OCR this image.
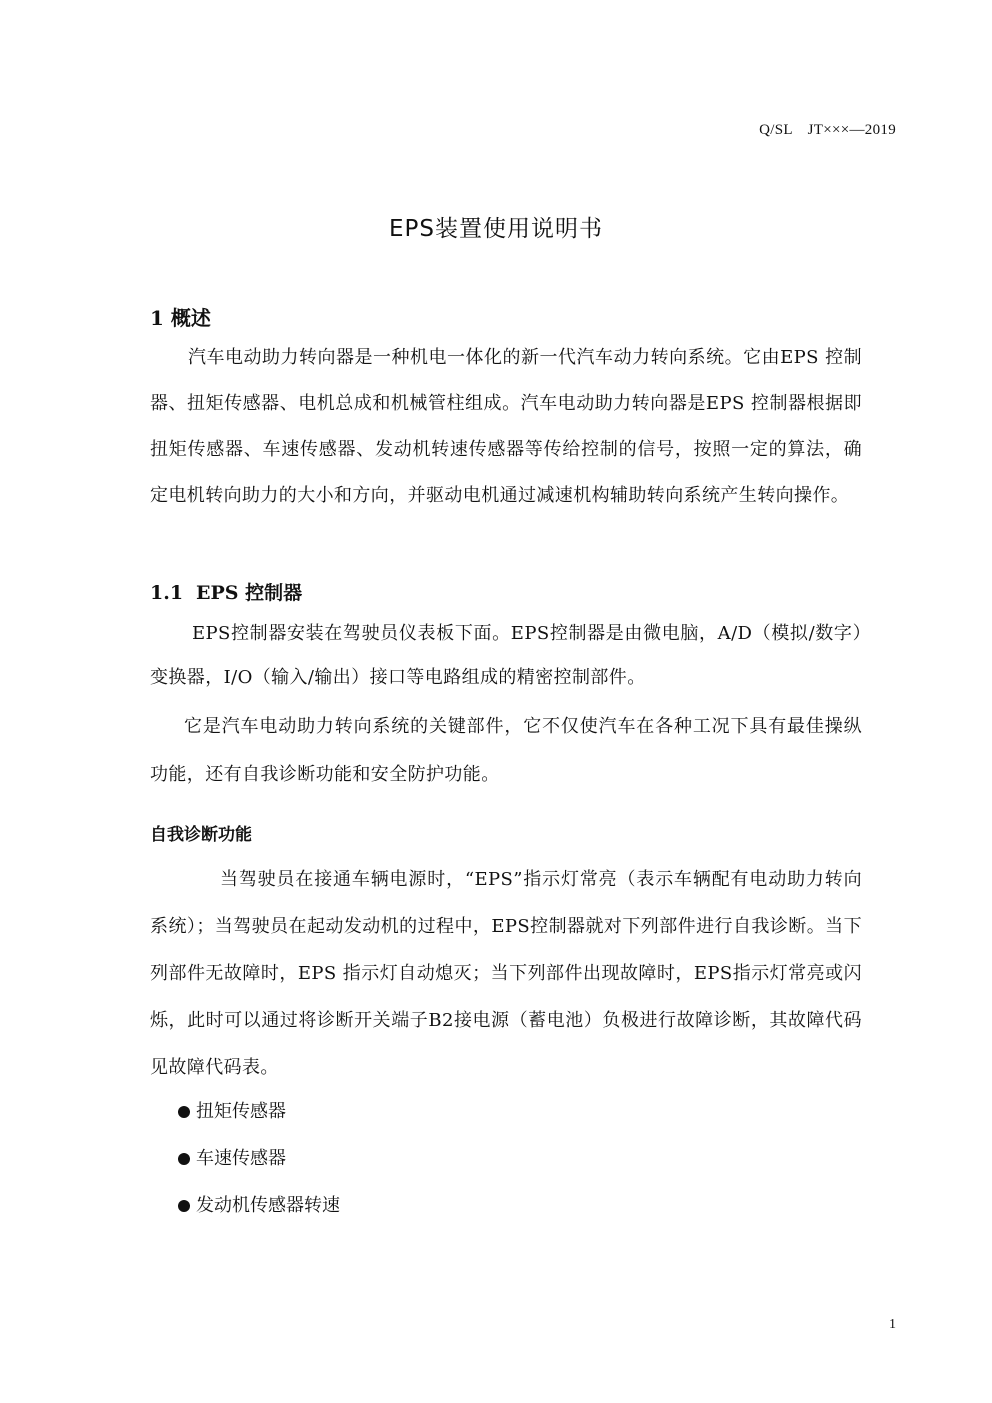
Q/SL　JT×××—2019
EPS装置使用说明书
1 概述
汽车电动助力转向器是一种机电一体化的新一代汽车动力转向系统。它由EPS 控制器、扭矩传感器、电机总成和机械管柱组成。汽车电动助力转向器是EPS 控制器根据即扭矩传感器、车速传感器、发动机转速传感器等传给控制的信号，按照一定的算法，确定电机转向助力的大小和方向，并驱动电机通过减速机构辅助转向系统产生转向操作。
1.1 EPS 控制器
EPS控制器安装在驾驶员仪表板下面。EPS控制器是由微电脑，A/D（模拟/数字）变换器，I/O（输入/输出）接口等电路组成的精密控制部件。
它是汽车电动助力转向系统的关键部件，它不仅使汽车在各种工况下具有最佳操纵功能，还有自我诊断功能和安全防护功能。
自我诊断功能
当驾驶员在接通车辆电源时，“EPS”指示灯常亮（表示车辆配有电动助力转向系统）；当驾驶员在起动发动机的过程中，EPS控制器就对下列部件进行自我诊断。当下列部件无故障时，EPS 指示灯自动熄灭；当下列部件出现故障时，EPS指示灯常亮或闪烁，此时可以通过将诊断开关端子B2接电源（蓄电池）负极进行故障诊断，其故障代码见故障代码表。
扭矩传感器
车速传感器
发动机传感器转速
1
